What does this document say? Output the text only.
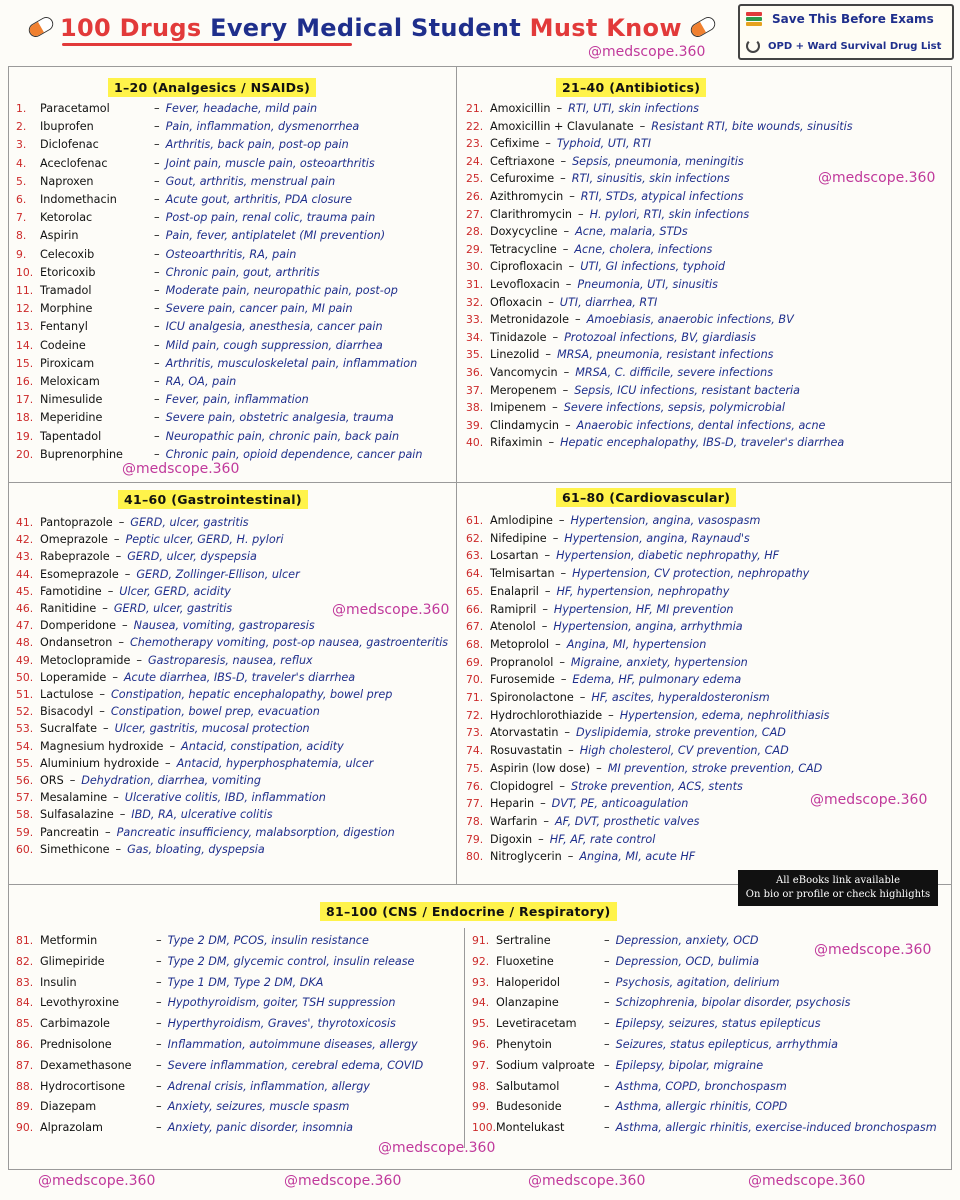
100 Drugs
Every Medical Student
Must Know
@medscope.360
Save This Before Exams
OPD + Ward Survival Drug List
1–20 (Analgesics / NSAIDs)
1.	Paracetamol	– Fever, headache, mild pain
2.	Ibuprofen	– Pain, inflammation, dysmenorrhea
3.	Diclofenac	– Arthritis, back pain, post-op pain
4.	Aceclofenac	– Joint pain, muscle pain, osteoarthritis
5.	Naproxen	– Gout, arthritis, menstrual pain
6.	Indomethacin	– Acute gout, arthritis, PDA closure
7.	Ketorolac	– Post-op pain, renal colic, trauma pain
8.	Aspirin	– Pain, fever, antiplatelet (MI prevention)
9.	Celecoxib	– Osteoarthritis, RA, pain
10. Etoricoxib	– Chronic pain, gout, arthritis
11. Tramadol	– Moderate pain, neuropathic pain, post-op
12. Morphine	– Severe pain, cancer pain, MI pain
13. Fentanyl	– ICU analgesia, anesthesia, cancer pain
14. Codeine	– Mild pain, cough suppression, diarrhea
15. Piroxicam	– Arthritis, musculoskeletal pain, inflammation
16. Meloxicam	– RA, OA, pain
17. Nimesulide	– Fever, pain, inflammation
18. Meperidine	– Severe pain, obstetric analgesia, trauma
19. Tapentadol	– Neuropathic pain, chronic pain, back pain
20. Buprenorphine	– Chronic pain, opioid dependence, cancer pain
21–40 (Antibiotics)
21. Amoxicillin – RTI, UTI, skin infections
22. Amoxicillin + Clavulanate – Resistant RTI, bite wounds, sinusitis
23. Cefixime – Typhoid, UTI, RTI
24. Ceftriaxone – Sepsis, pneumonia, meningitis
25. Cefuroxime – RTI, sinusitis, skin infections
26. Azithromycin – RTI, STDs, atypical infections
27. Clarithromycin – H. pylori, RTI, skin infections
28. Doxycycline – Acne, malaria, STDs
29. Tetracycline – Acne, cholera, infections
30. Ciprofloxacin – UTI, GI infections, typhoid
31. Levofloxacin – Pneumonia, UTI, sinusitis
32. Ofloxacin – UTI, diarrhea, RTI
33. Metronidazole – Amoebiasis, anaerobic infections, BV
34. Tinidazole – Protozoal infections, BV, giardiasis
35. Linezolid – MRSA, pneumonia, resistant infections
36. Vancomycin – MRSA, C. difficile, severe infections
37. Meropenem – Sepsis, ICU infections, resistant bacteria
38. Imipenem – Severe infections, sepsis, polymicrobial
39. Clindamycin – Anaerobic infections, dental infections, acne
40. Rifaximin – Hepatic encephalopathy, IBS-D, traveler's diarrhea
41–60 (Gastrointestinal)
41. Pantoprazole – GERD, ulcer, gastritis
42. Omeprazole – Peptic ulcer, GERD, H. pylori
43. Rabeprazole – GERD, ulcer, dyspepsia
44. Esomeprazole – GERD, Zollinger-Ellison, ulcer
45. Famotidine – Ulcer, GERD, acidity
46. Ranitidine – GERD, ulcer, gastritis
47. Domperidone – Nausea, vomiting, gastroparesis
48. Ondansetron – Chemotherapy vomiting, post-op nausea, gastroenteritis
49. Metoclopramide – Gastroparesis, nausea, reflux
50. Loperamide – Acute diarrhea, IBS-D, traveler's diarrhea
51. Lactulose – Constipation, hepatic encephalopathy, bowel prep
52. Bisacodyl – Constipation, bowel prep, evacuation
53. Sucralfate – Ulcer, gastritis, mucosal protection
54. Magnesium hydroxide – Antacid, constipation, acidity
55. Aluminium hydroxide – Antacid, hyperphosphatemia, ulcer
56. ORS – Dehydration, diarrhea, vomiting
57. Mesalamine – Ulcerative colitis, IBD, inflammation
58. Sulfasalazine – IBD, RA, ulcerative colitis
59. Pancreatin – Pancreatic insufficiency, malabsorption, digestion
60. Simethicone – Gas, bloating, dyspepsia
61–80 (Cardiovascular)
61. Amlodipine – Hypertension, angina, vasospasm
62. Nifedipine – Hypertension, angina, Raynaud's
63. Losartan – Hypertension, diabetic nephropathy, HF
64. Telmisartan – Hypertension, CV protection, nephropathy
65. Enalapril – HF, hypertension, nephropathy
66. Ramipril – Hypertension, HF, MI prevention
67. Atenolol – Hypertension, angina, arrhythmia
68. Metoprolol – Angina, MI, hypertension
69. Propranolol – Migraine, anxiety, hypertension
70. Furosemide – Edema, HF, pulmonary edema
71. Spironolactone – HF, ascites, hyperaldosteronism
72. Hydrochlorothiazide – Hypertension, edema, nephrolithiasis
73. Atorvastatin – Dyslipidemia, stroke prevention, CAD
74. Rosuvastatin – High cholesterol, CV prevention, CAD
75. Aspirin (low dose) – MI prevention, stroke prevention, CAD
76. Clopidogrel – Stroke prevention, ACS, stents
77. Heparin – DVT, PE, anticoagulation
78. Warfarin – AF, DVT, prosthetic valves
79. Digoxin – HF, AF, rate control
80. Nitroglycerin – Angina, MI, acute HF
81–100 (CNS / Endocrine / Respiratory)
81. Metformin	– Type 2 DM, PCOS, insulin resistance
82. Glimepiride	– Type 2 DM, glycemic control, insulin release
83. Insulin	– Type 1 DM, Type 2 DM, DKA
84. Levothyroxine	– Hypothyroidism, goiter, TSH suppression
85. Carbimazole	– Hyperthyroidism, Graves', thyrotoxicosis
86. Prednisolone	– Inflammation, autoimmune diseases, allergy
87. Dexamethasone	– Severe inflammation, cerebral edema, COVID
88. Hydrocortisone	– Adrenal crisis, inflammation, allergy
89. Diazepam	– Anxiety, seizures, muscle spasm
90. Alprazolam	– Anxiety, panic disorder, insomnia
91. Sertraline	– Depression, anxiety, OCD
92. Fluoxetine	– Depression, OCD, bulimia
93. Haloperidol	– Psychosis, agitation, delirium
94. Olanzapine	– Schizophrenia, bipolar disorder, psychosis
95. Levetiracetam	– Epilepsy, seizures, status epilepticus
96. Phenytoin	– Seizures, status epilepticus, arrhythmia
97. Sodium valproate – Epilepsy, bipolar, migraine
98. Salbutamol	– Asthma, COPD, bronchospasm
99. Budesonide	– Asthma, allergic rhinitis, COPD
100. Montelukast	– Asthma, allergic rhinitis, exercise-induced bronchospasm
@medscope.360
@medscope.360
@medscope.360
@medscope.360
@medscope.360
@medscope.360
@medscope.360	@medscope.360	@medscope.360	@medscope.360
All eBooks link available
On bio or profile or check highlights
